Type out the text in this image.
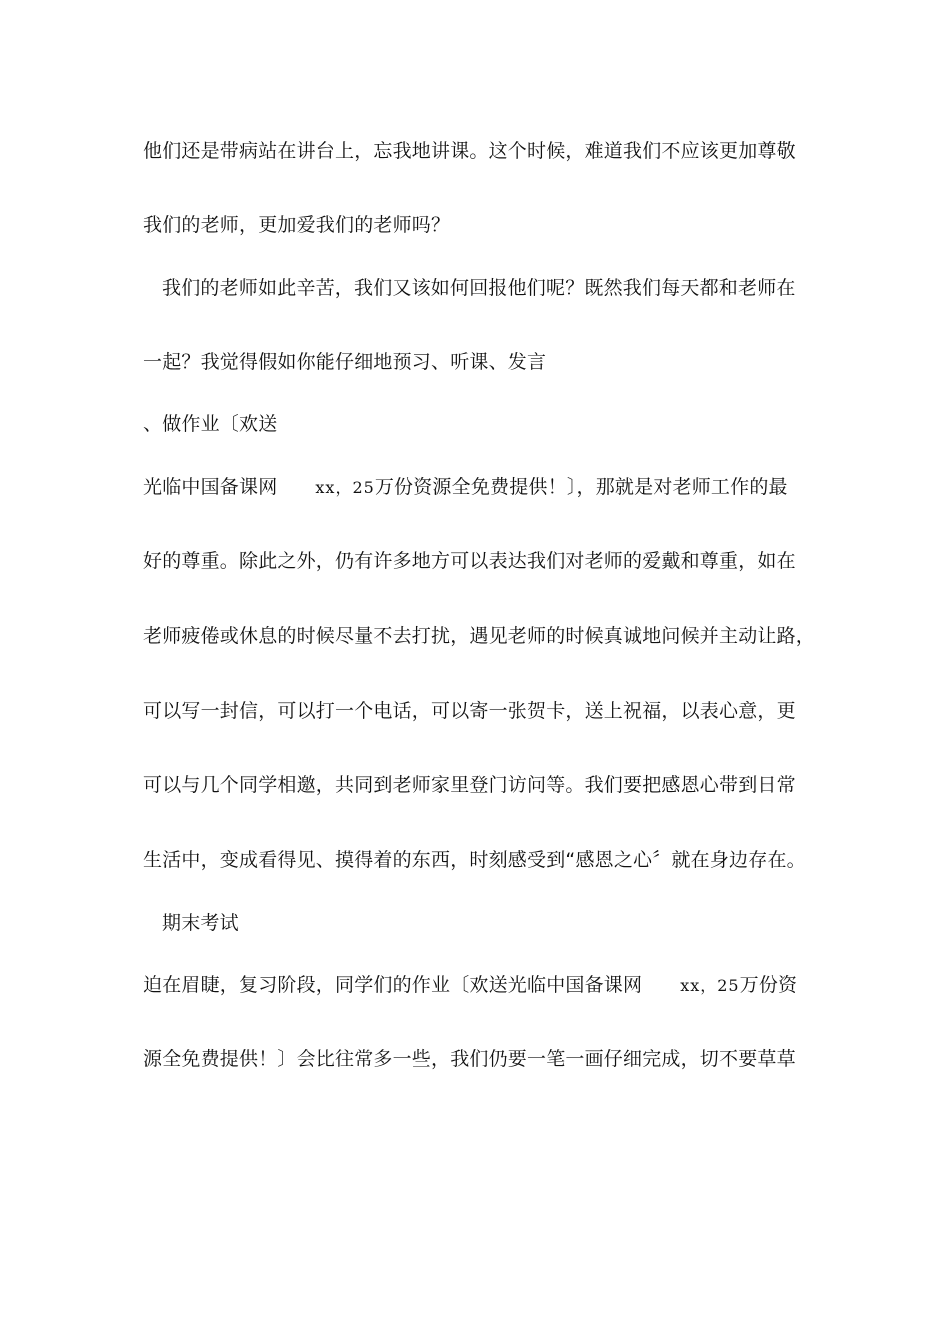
他们还是带病站在讲台上，忘我地讲课。这个时候，难道我们不应该更加尊敬
我们的老师，更加爱我们的老师吗？
我们的老师如此辛苦，我们又该如何回报他们呢？既然我们每天都和老师在
一起？我觉得假如你能仔细地预习、听课、发言
、做作业〔欢送
光临中国备课网 xx，25万份资源全免费提供！〕，那就是对老师工作的最
好的尊重。除此之外，仍有许多地方可以表达我们对老师的爱戴和尊重，如在
老师疲倦或休息的时候尽量不去打扰，遇见老师的时候真诚地问候并主动让路，
可以写一封信，可以打一个电话，可以寄一张贺卡，送上祝福，以表心意，更
可以与几个同学相邀，共同到老师家里登门访问等。我们要把感恩心带到日常
生活中，变成看得见、摸得着的东西，时刻感受到“感恩之心〞就在身边存在。
期末考试
迫在眉睫，复习阶段，同学们的作业〔欢送光临中国备课网 xx，25万份资
源全免费提供！〕会比往常多一些，我们仍要一笔一画仔细完成，切不要草草
